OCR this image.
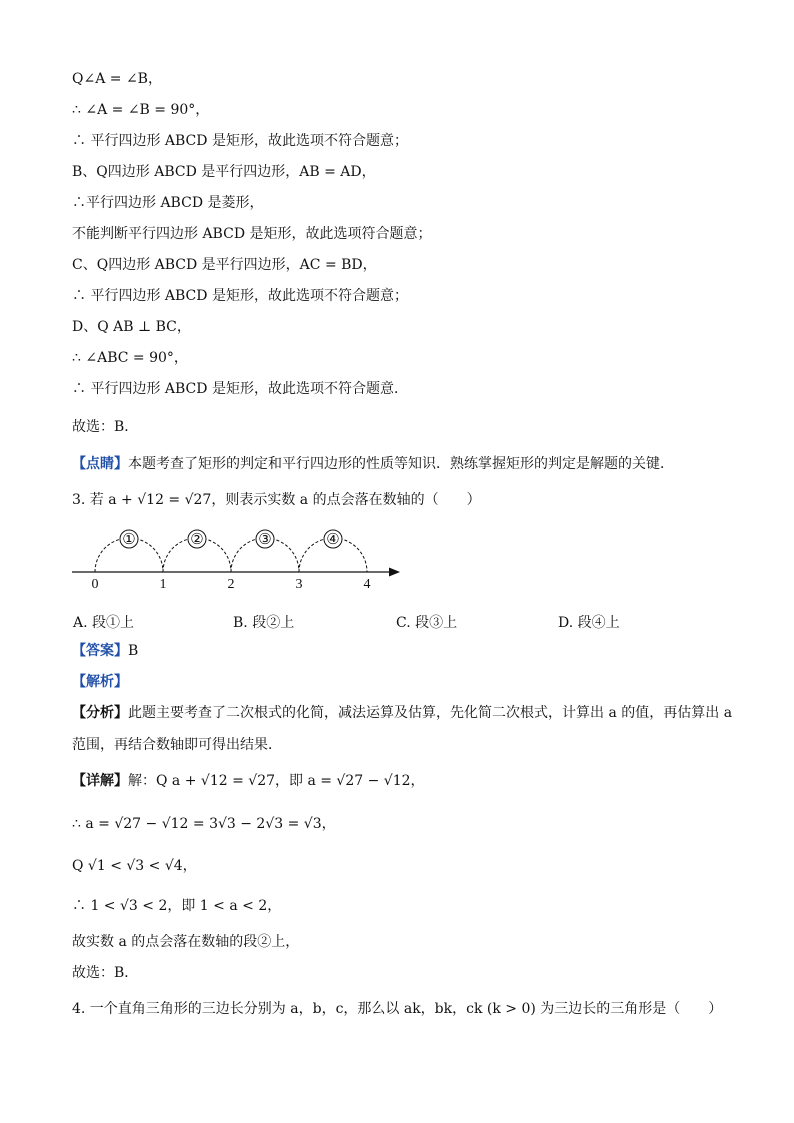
Q∠A = ∠B，
∴ ∠A = ∠B = 90°，
∴ 平行四边形 ABCD 是矩形，故此选项不符合题意；
B、Q四边形 ABCD 是平行四边形，AB = AD，
∴平行四边形 ABCD 是菱形，
不能判断平行四边形 ABCD 是矩形，故此选项符合题意；
C、Q四边形 ABCD 是平行四边形，AC = BD，
∴ 平行四边形 ABCD 是矩形，故此选项不符合题意；
D、Q AB ⊥ BC，
∴ ∠ABC = 90°，
∴ 平行四边形 ABCD 是矩形，故此选项不符合题意．
故选：B．
【点睛】本题考查了矩形的判定和平行四边形的性质等知识．熟练掌握矩形的判定是解题的关键．
3. 若 a + √12 = √27，则表示实数 a 的点会落在数轴的（　　）
①	②	③	④
0	1	2	3	4
A. 段①上	B. 段②上	C. 段③上	D. 段④上
【答案】B
【解析】
【分析】此题主要考查了二次根式的化简，减法运算及估算，先化简二次根式，计算出 a 的值，再估算出 a
范围，再结合数轴即可得出结果．
【详解】解：Q a + √12 = √27，即 a = √27 − √12，
∴ a = √27 − √12 = 3√3 − 2√3 = √3，
Q √1 < √3 < √4，
∴ 1 < √3 < 2，即 1 < a < 2，
故实数 a 的点会落在数轴的段②上，
故选：B．
4. 一个直角三角形的三边长分别为 a，b，c，那么以 ak，bk，ck (k > 0) 为三边长的三角形是（　　）
